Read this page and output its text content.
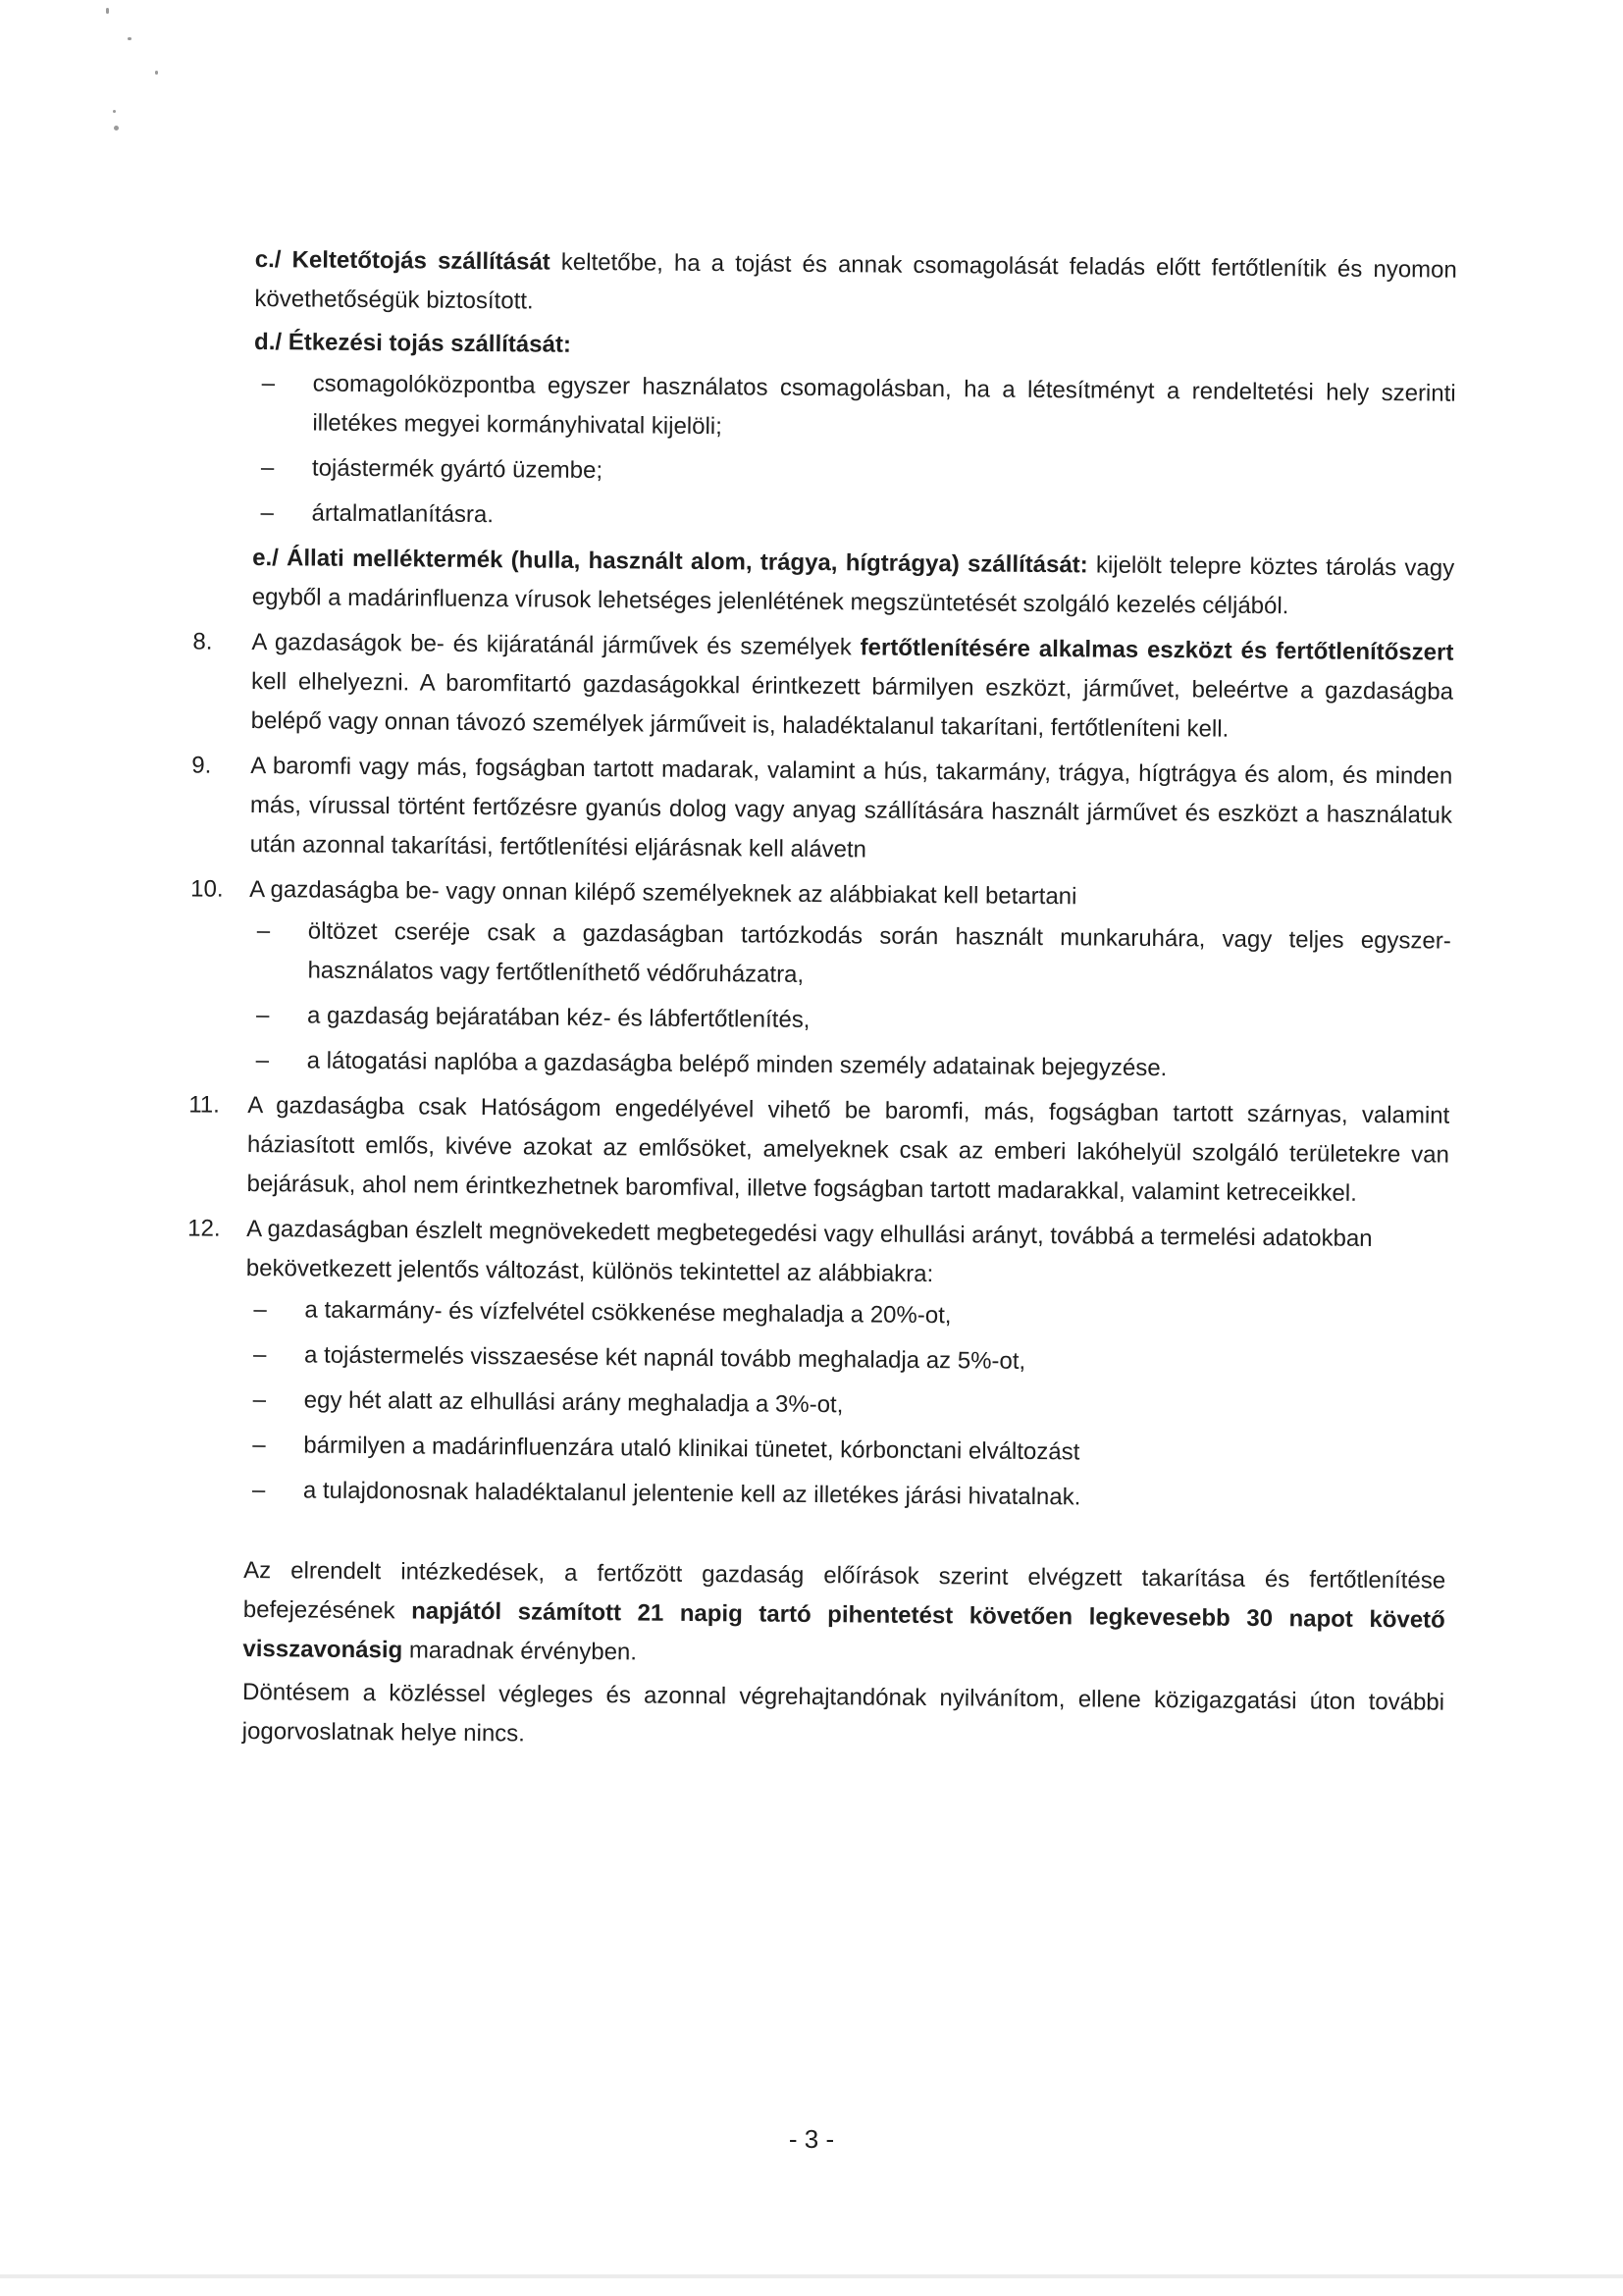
c./ Keltetőtojás szállítását keltetőbe, ha a tojást és annak csomagolását feladás előtt fertőtlenítik és nyomon követhetőségük biztosított.

d./ Étkezési tojás szállítását:

– csomagolóközpontba egyszer használatos csomagolásban, ha a létesítményt a rendeltetési hely szerinti illetékes megyei kormányhivatal kijelöli;
– tojástermék gyártó üzembe;
– ártalmatlanításra.

e./ Állati melléktermék (hulla, használt alom, trágya, hígtrágya) szállítását: kijelölt telepre köztes tárolás vagy egyből a madárinfluenza vírusok lehetséges jelenlétének megszüntetését szolgáló kezelés céljából.

8.	A gazdaságok be- és kijáratánál járművek és személyek fertőtlenítésére alkalmas eszközt és fertőtlenítőszert kell elhelyezni. A baromfitartó gazdaságokkal érintkezett bármilyen eszközt, járművet, beleértve a gazdaságba belépő vagy onnan távozó személyek járműveit is, haladéktalanul takarítani, fertőtleníteni kell.
9.	A baromfi vagy más, fogságban tartott madarak, valamint a hús, takarmány, trágya, hígtrágya és alom, és minden más, vírussal történt fertőzésre gyanús dolog vagy anyag szállítására használt járművet és eszközt a használatuk után azonnal takarítási, fertőtlenítési eljárásnak kell alávetn
10.	A gazdaságba be- vagy onnan kilépő személyeknek az alábbiakat kell betartani
– öltözet cseréje csak a gazdaságban tartózkodás során használt munkaruhára, vagy teljes egyszer-használatos vagy fertőtleníthető védőruházatra,
– a gazdaság bejáratában kéz- és lábfertőtlenítés,
– a látogatási naplóba a gazdaságba belépő minden személy adatainak bejegyzése.
11.	A gazdaságba csak Hatóságom engedélyével vihető be baromfi, más, fogságban tartott szárnyas, valamint háziasított emlős, kivéve azokat az emlősöket, amelyeknek csak az emberi lakóhelyül szolgáló területekre van bejárásuk, ahol nem érintkezhetnek baromfival, illetve fogságban tartott madarakkal, valamint ketreceikkel.
12.	A gazdaságban észlelt megnövekedett megbetegedési vagy elhullási arányt, továbbá a termelési adatokban bekövetkezett jelentős változást, különös tekintettel az alábbiakra:
– a takarmány- és vízfelvétel csökkenése meghaladja a 20%-ot,
– a tojástermelés visszaesése két napnál tovább meghaladja az 5%-ot,
– egy hét alatt az elhullási arány meghaladja a 3%-ot,
– bármilyen a madárinfluenzára utaló klinikai tünetet, kórbonctani elváltozást
– a tulajdonosnak haladéktalanul jelentenie kell az illetékes járási hivatalnak.

Az elrendelt intézkedések, a fertőzött gazdaság előírások szerint elvégzett takarítása és fertőtlenítése befejezésének napjától számított 21 napig tartó pihentetést követően legkevesebb 30 napot követő visszavonásig maradnak érvényben.

Döntésem a közléssel végleges és azonnal végrehajtandónak nyilvánítom, ellene közigazgatási úton további jogorvoslatnak helye nincs.

- 3 -
